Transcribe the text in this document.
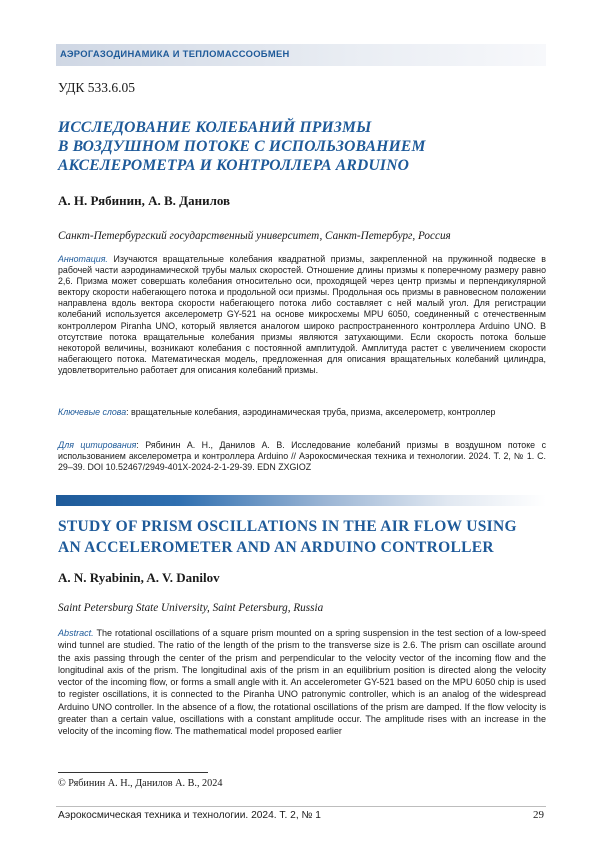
АЭРОГАЗОДИНАМИКА И ТЕПЛОМАССООБМЕН
УДК 533.6.05
ИССЛЕДОВАНИЕ КОЛЕБАНИЙ ПРИЗМЫ
В ВОЗДУШНОМ ПОТОКЕ С ИСПОЛЬЗОВАНИЕМ
АКСЕЛЕРОМЕТРА И КОНТРОЛЛЕРА ARDUINO
А. Н. Рябинин, А. В. Данилов
Санкт-Петербургский государственный университет, Санкт-Петербург, Россия
Аннотация. Изучаются вращательные колебания квадратной призмы, закрепленной на пружинной подвеске в рабочей части аэродинамической трубы малых скоростей. Отношение длины призмы к поперечному размеру равно 2,6. Призма может совершать колебания относительно оси, проходящей через центр призмы и перпендикулярной вектору скорости набегающего потока и продольной оси призмы. Продольная ось призмы в равновесном положении направлена вдоль вектора скорости набегающего потока либо составляет с ней малый угол. Для регистрации колебаний используется акселерометр GY-521 на основе микросхемы MPU 6050, соединенный с отечественным контроллером Piranha UNO, который является аналогом широко распространенного контроллера Arduino UNO. В отсутствие потока вращательные колебания призмы являются затухающими. Если скорость потока больше некоторой величины, возникают колебания с постоянной амплитудой. Амплитуда растет с увеличением скорости набегающего потока. Математическая модель, предложенная для описания вращательных колебаний цилиндра, удовлетворительно работает для описания колебаний призмы.
Ключевые слова: вращательные колебания, аэродинамическая труба, призма, акселерометр, контроллер
Для цитирования: Рябинин А. Н., Данилов А. В. Исследование колебаний призмы в воздушном потоке с использованием акселерометра и контроллера Arduino // Аэрокосмическая техника и технологии. 2024. Т. 2, № 1. С. 29–39. DOI 10.52467/2949-401X-2024-2-1-29-39. EDN ZXGIOZ
STUDY OF PRISM OSCILLATIONS IN THE AIR FLOW USING
AN ACCELEROMETER AND AN ARDUINO CONTROLLER
A. N. Ryabinin, A. V. Danilov
Saint Petersburg State University, Saint Petersburg, Russia
Abstract. The rotational oscillations of a square prism mounted on a spring suspension in the test section of a low-speed wind tunnel are studied. The ratio of the length of the prism to the transverse size is 2.6. The prism can oscillate around the axis passing through the center of the prism and perpendicular to the velocity vector of the incoming flow and the longitudinal axis of the prism. The longitudinal axis of the prism in an equilibrium position is directed along the velocity vector of the incoming flow, or forms a small angle with it. An accelerometer GY-521 based on the MPU 6050 chip is used to register oscillations, it is connected to the Piranha UNO patronymic controller, which is an analog of the widespread Arduino UNO controller. In the absence of a flow, the rotational oscillations of the prism are damped. If the flow velocity is greater than a certain value, oscillations with a constant amplitude occur. The amplitude rises with an increase in the velocity of the incoming flow. The mathematical model proposed earlier
© Рябинин А. Н., Данилов А. В., 2024
Аэрокосмическая техника и технологии. 2024. Т. 2, № 1	29
